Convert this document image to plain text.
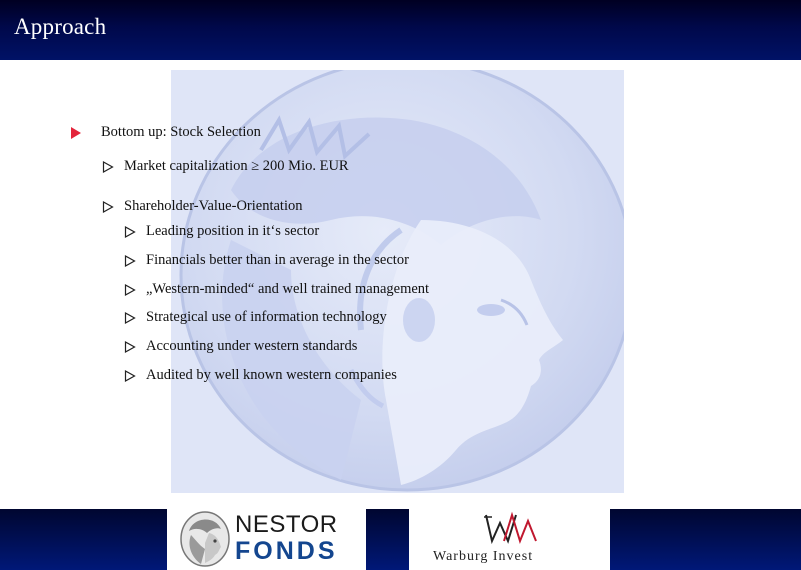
Approach
Bottom up: Stock Selection
Market capitalization ≥ 200 Mio. EUR
Shareholder-Value-Orientation
Leading position in it‘s sector
Financials better than in average in the sector
„Western-minded“ and well trained management
Strategical use of information technology
Accounting under western standards
Audited by well known western companies
NESTOR
FONDS	Warburg Invest
